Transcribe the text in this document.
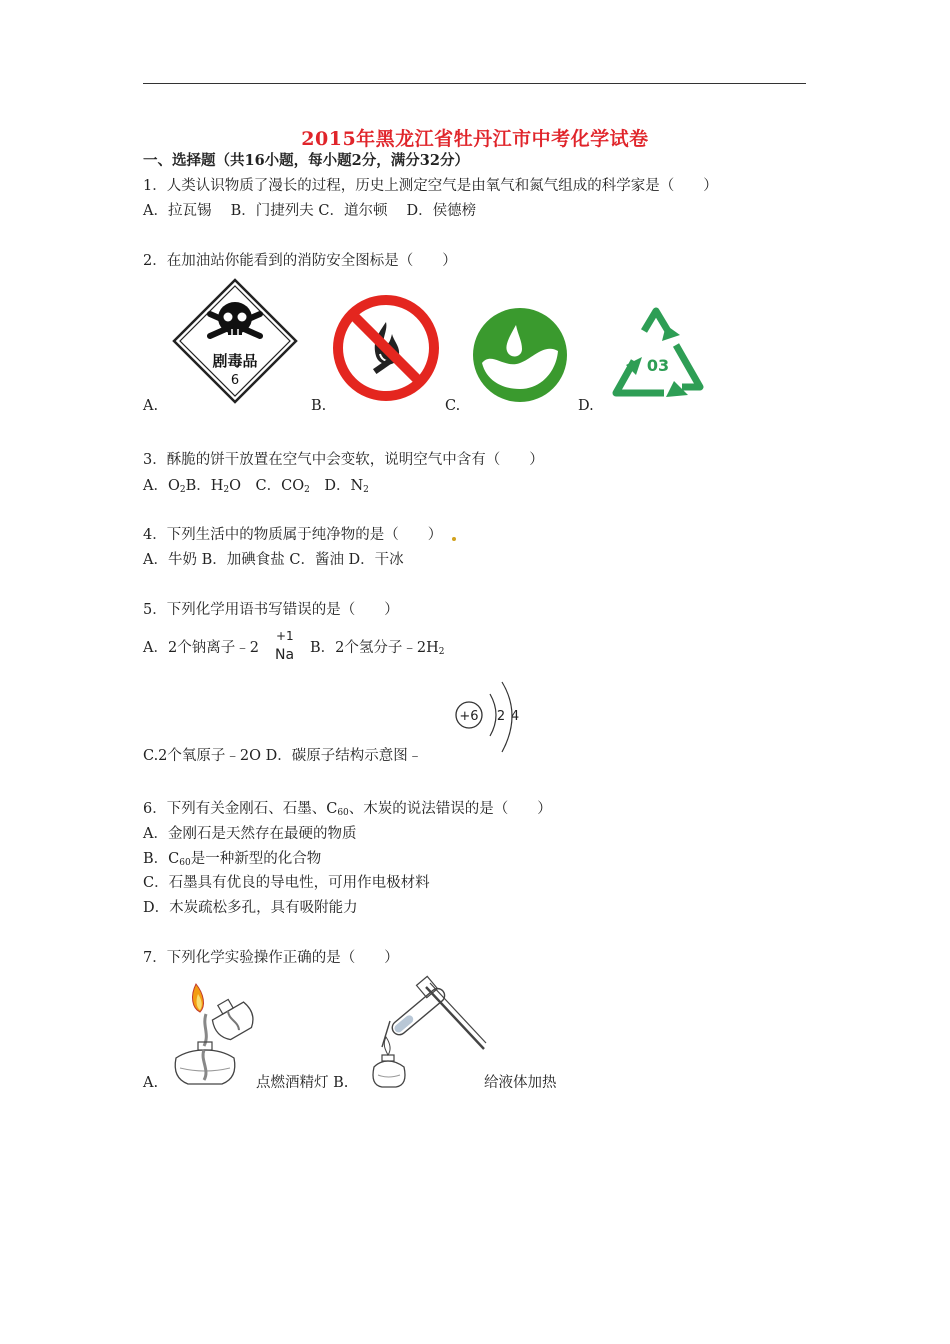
2015年黑龙江省牡丹江市中考化学试卷
一、选择题（共16小题，每小题2分，满分32分）
1．人类认识物质了漫长的过程，历史上测定空气是由氧气和氮气组成的科学家是（　　）
A．拉瓦锡　 B．门捷列夫 C．道尔顿　 D．侯德榜
2．在加油站你能看到的消防安全图标是（　　）
剧毒品
6
03
A.	B.	C.	D.
3．酥脆的饼干放置在空气中会变软，说明空气中含有（　　）
A．$O_2B$．$H_2O$　C．$CO_2$　D．$N_2$
4．下列生活中的物质属于纯净物的是（　　）
A．牛奶 B．加碘食盐 C．酱油 D．干冰
5．下列化学用语书写错误的是（　　）
A．2个钠离子﹣2
+1
Na B．2个氢分子$﹣2H_2$
+6 2 4
C.2个氧原子﹣2O D．碳原子结构示意图﹣
6．下列有关金刚石、石墨、$C_{60}$、木炭的说法错误的是（　　）
A．金刚石是天然存在最硬的物质
B．$C_{60}$是一种新型的化合物
C．石墨具有优良的导电性，可用作电极材料
D．木炭疏松多孔，具有吸附能力
7．下列化学实验操作正确的是（　　）
A.	点燃酒精灯 B.	给液体加热
